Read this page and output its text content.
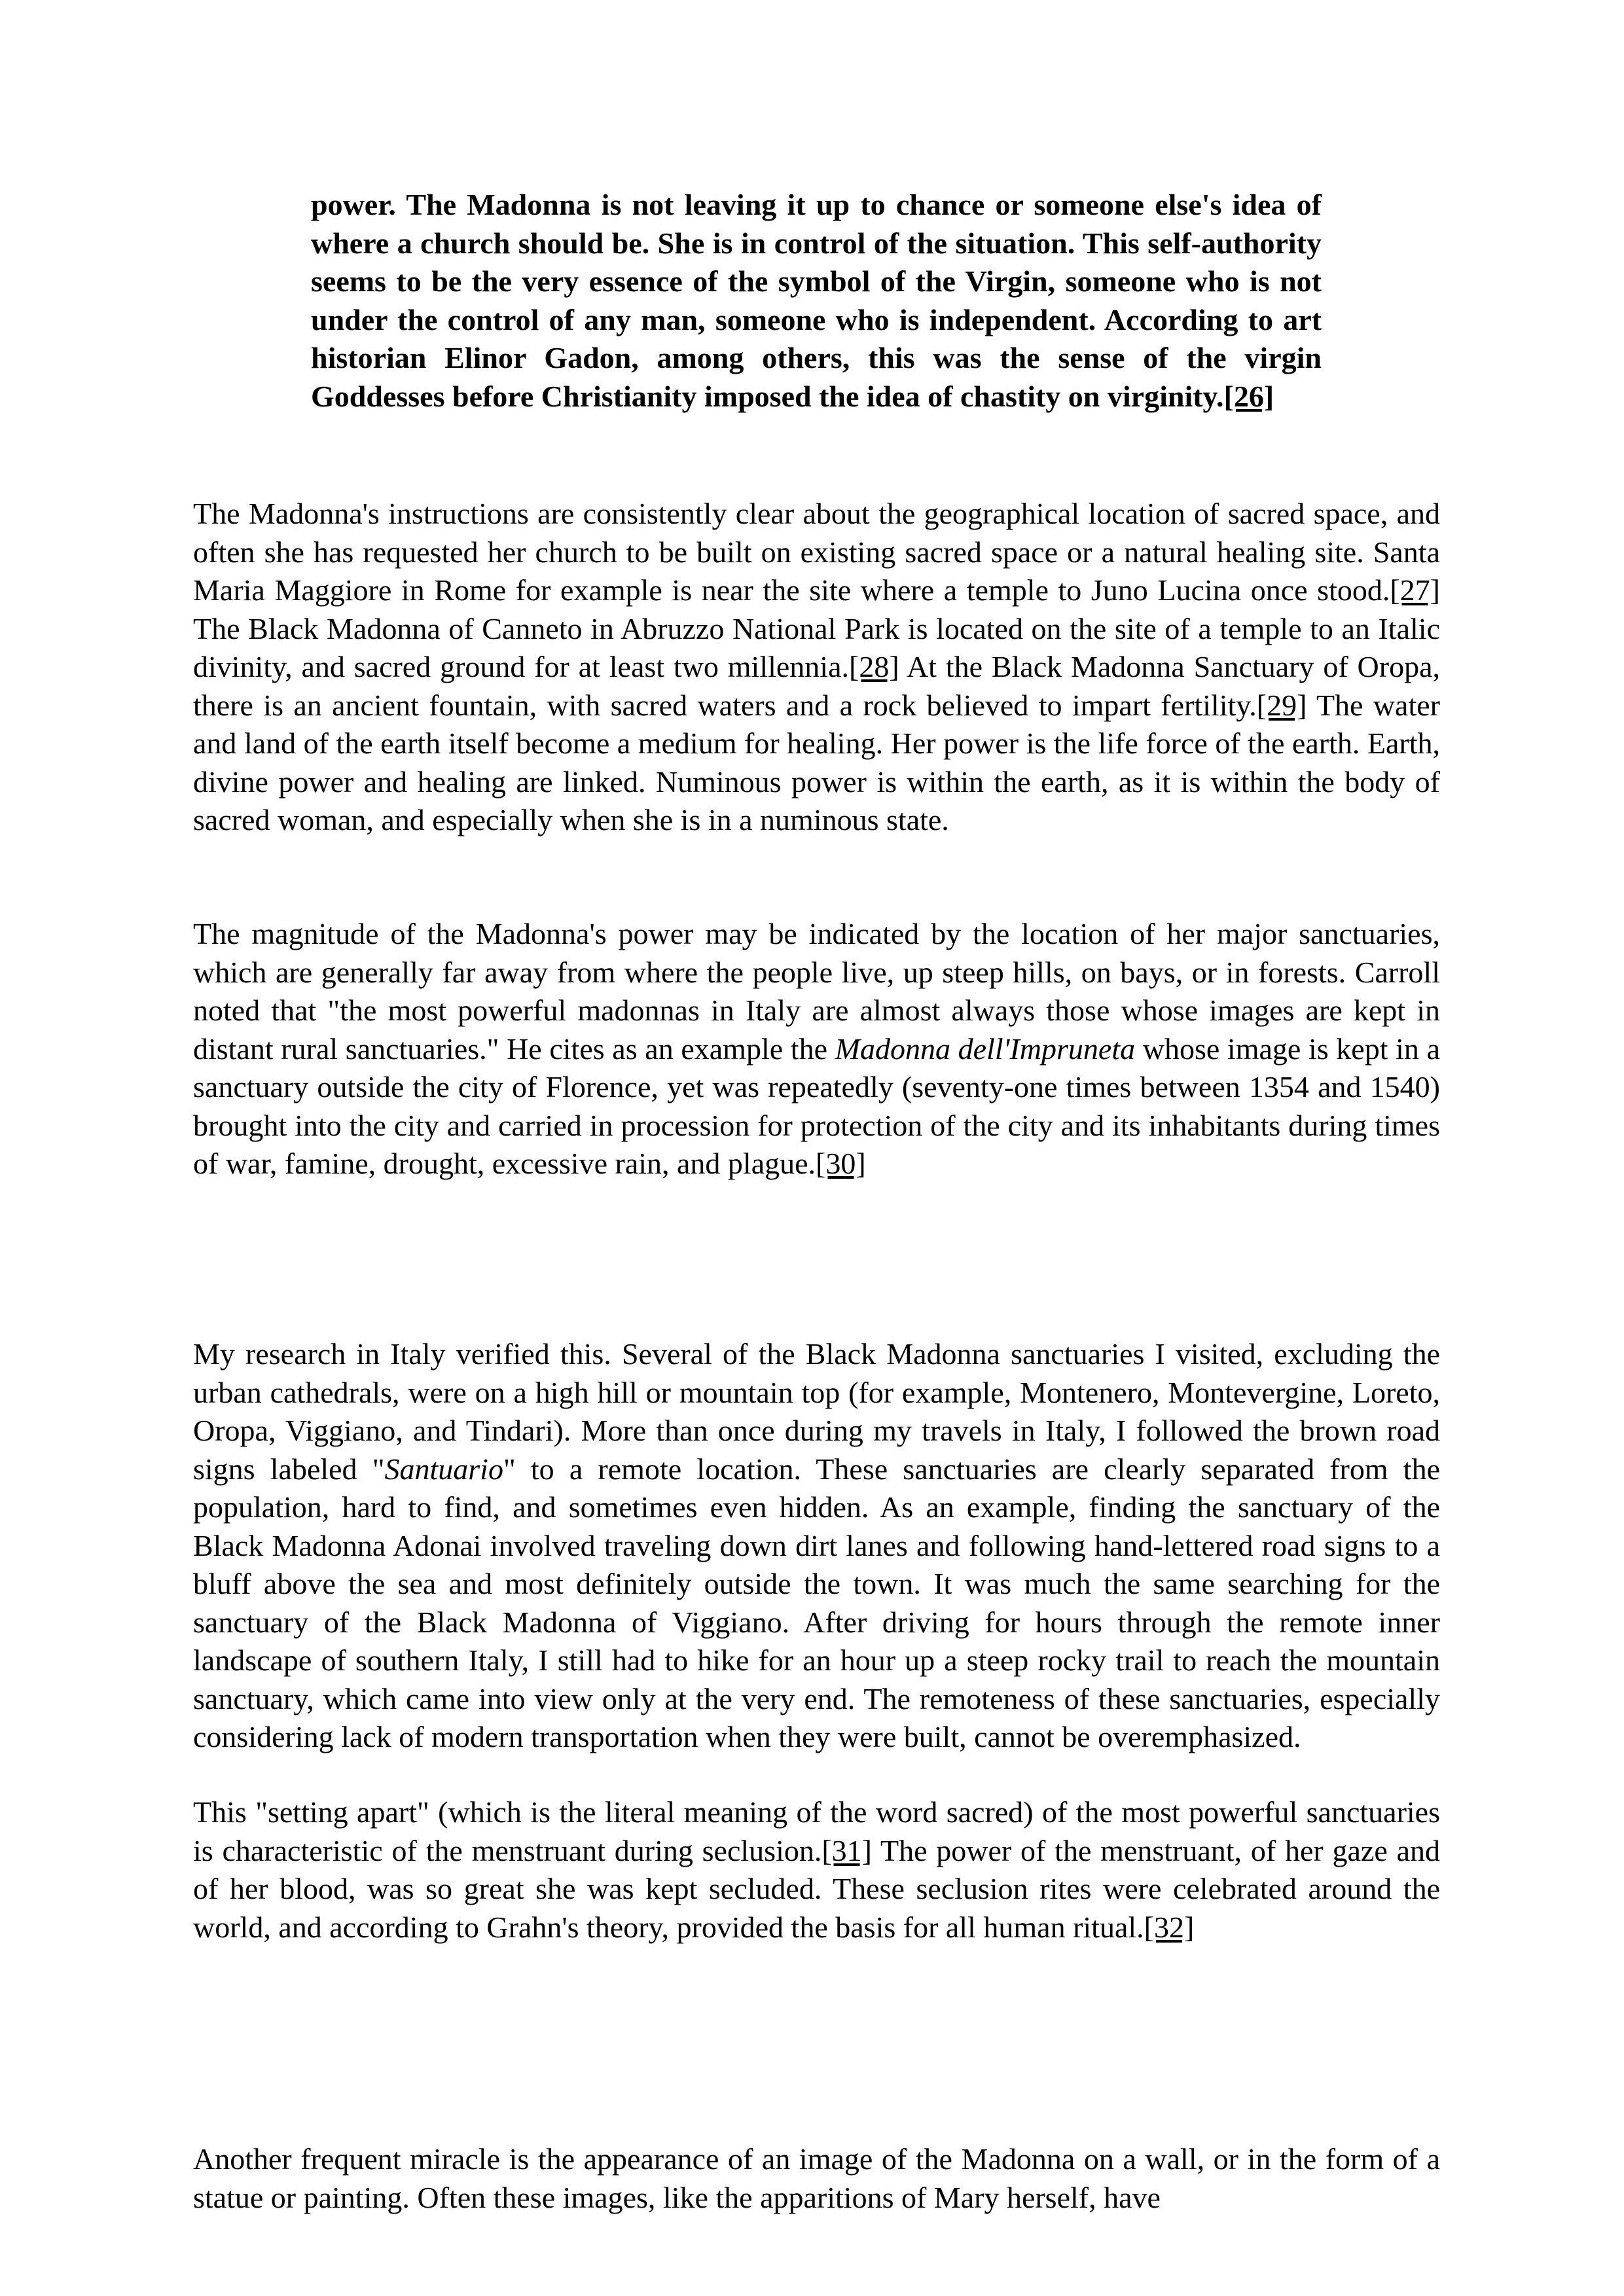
power. The Madonna is not leaving it up to chance or someone else's idea of where a church should be. She is in control of the situation. This self-authority seems to be the very essence of the symbol of the Virgin, someone who is not under the control of any man, someone who is independent. According to art historian Elinor Gadon, among others, this was the sense of the virgin Goddesses before Christianity imposed the idea of chastity on virginity.[26]
The Madonna's instructions are consistently clear about the geographical location of sacred space, and often she has requested her church to be built on existing sacred space or a natural healing site. Santa Maria Maggiore in Rome for example is near the site where a temple to Juno Lucina once stood.[27] The Black Madonna of Canneto in Abruzzo National Park is located on the site of a temple to an Italic divinity, and sacred ground for at least two millennia.[28] At the Black Madonna Sanctuary of Oropa, there is an ancient fountain, with sacred waters and a rock believed to impart fertility.[29] The water and land of the earth itself become a medium for healing. Her power is the life force of the earth. Earth, divine power and healing are linked. Numinous power is within the earth, as it is within the body of sacred woman, and especially when she is in a numinous state.
The magnitude of the Madonna's power may be indicated by the location of her major sanctuaries, which are generally far away from where the people live, up steep hills, on bays, or in forests. Carroll noted that "the most powerful madonnas in Italy are almost always those whose images are kept in distant rural sanctuaries." He cites as an example the Madonna dell'Impruneta whose image is kept in a sanctuary outside the city of Florence, yet was repeatedly (seventy-one times between 1354 and 1540) brought into the city and carried in procession for protection of the city and its inhabitants during times of war, famine, drought, excessive rain, and plague.[30]
My research in Italy verified this. Several of the Black Madonna sanctuaries I visited, excluding the urban cathedrals, were on a high hill or mountain top (for example, Montenero, Montevergine, Loreto, Oropa, Viggiano, and Tindari). More than once during my travels in Italy, I followed the brown road signs labeled "Santuario" to a remote location. These sanctuaries are clearly separated from the population, hard to find, and sometimes even hidden. As an example, finding the sanctuary of the Black Madonna Adonai involved traveling down dirt lanes and following hand-lettered road signs to a bluff above the sea and most definitely outside the town. It was much the same searching for the sanctuary of the Black Madonna of Viggiano. After driving for hours through the remote inner landscape of southern Italy, I still had to hike for an hour up a steep rocky trail to reach the mountain sanctuary, which came into view only at the very end. The remoteness of these sanctuaries, especially considering lack of modern transportation when they were built, cannot be overemphasized.
This "setting apart" (which is the literal meaning of the word sacred) of the most powerful sanctuaries is characteristic of the menstruant during seclusion.[31] The power of the menstruant, of her gaze and of her blood, was so great she was kept secluded. These seclusion rites were celebrated around the world, and according to Grahn's theory, provided the basis for all human ritual.[32]
Another frequent miracle is the appearance of an image of the Madonna on a wall, or in the form of a statue or painting. Often these images, like the apparitions of Mary herself, have
